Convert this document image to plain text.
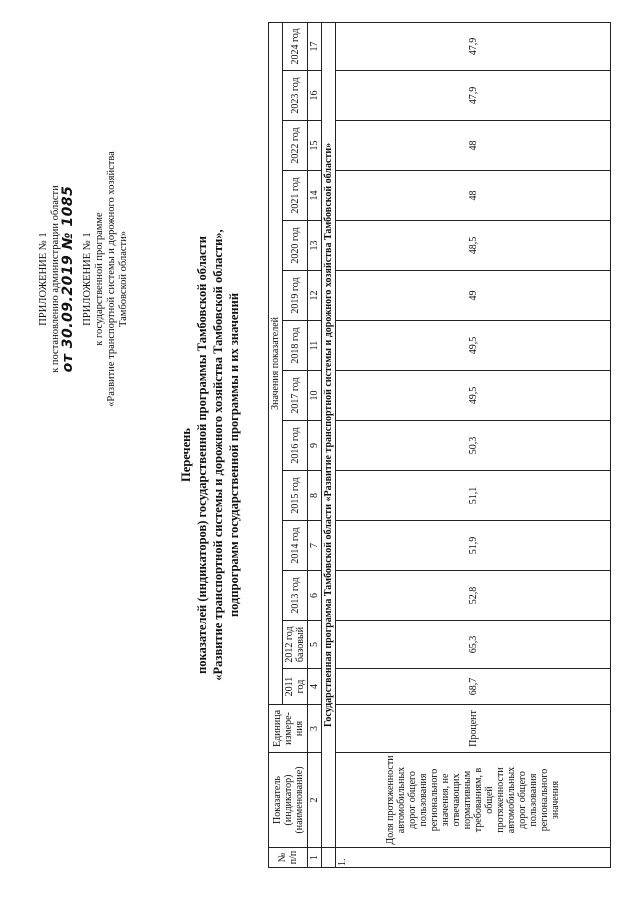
ПРИЛОЖЕНИЕ № 1 к постановлению администрации области от 30.09.2019 № 1085 ПРИЛОЖЕНИЕ № 1 к государственной программе «Развитие транспортной системы и дорожного хозяйства Тамбовской области»
Перечень показателей (индикаторов) государственной программы Тамбовской области «Развитие транспортной системы и дорожного хозяйства Тамбовской области», подпрограмм государственной программы и их значений
№ п/п	Показатель (индикатор) (наименование)	Единица измере-ния	Значения показателей													
			2011 год	2012 год базовый	2013 год	2014 год	2015 год	2016 год	2017 год	2018 год	2019 год	2020 год	2021 год	2022 год	2023 год	2024 год
1	2	3	4	5	6	7	8	9	10	11	12	13	14	15	16	17
	Государственная программа Тамбовской области «Развитие транспортной системы и дорожного хозяйства Тамбовской области»															
1.	Доля протяженности автомобильных дорог общего пользования регионального значения, не отвечающих нормативным требованиям, в общей протяженности автомобильных дорог общего пользования регионального значения	Процент	68,7	65,3	52,8	51,9	51,1	50,3	49,5	49,5	49	48,5	48	48	47,9	47,9
